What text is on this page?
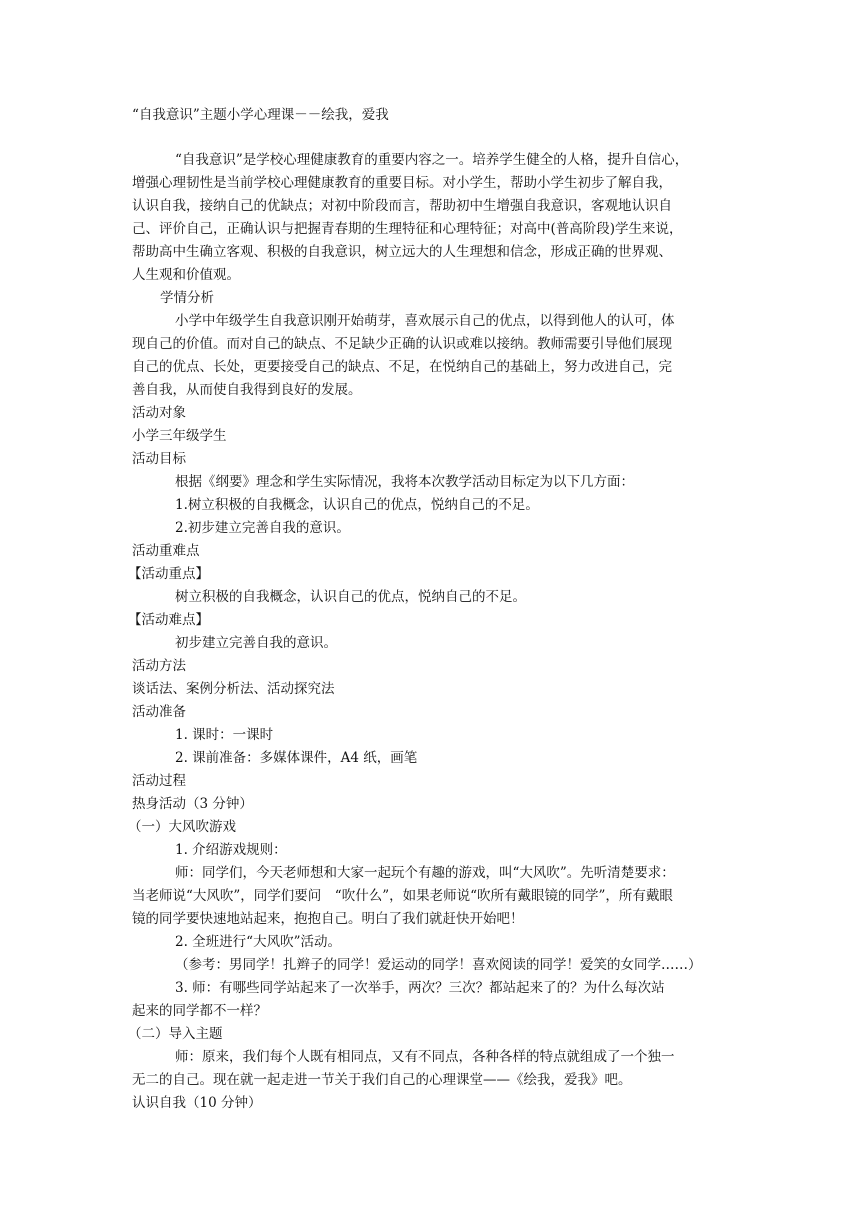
“自我意识”主题小学心理课－－绘我，爱我
“自我意识”是学校心理健康教育的重要内容之一。培养学生健全的人格，提升自信心，
增强心理韧性是当前学校心理健康教育的重要目标。对小学生，帮助小学生初步了解自我，
认识自我，接纳自己的优缺点；对初中阶段而言，帮助初中生增强自我意识，客观地认识自
己、评价自己，正确认识与把握青春期的生理特征和心理特征；对高中(普高阶段)学生来说，
帮助高中生确立客观、积极的自我意识，树立远大的人生理想和信念，形成正确的世界观、
人生观和价值观。
学情分析
小学中年级学生自我意识刚开始萌芽，喜欢展示自己的优点，以得到他人的认可，体
现自己的价值。而对自己的缺点、不足缺少正确的认识或难以接纳。教师需要引导他们展现
自己的优点、长处，更要接受自己的缺点、不足，在悦纳自己的基础上，努力改进自己，完
善自我，从而使自我得到良好的发展。
活动对象
小学三年级学生
活动目标
根据《纲要》理念和学生实际情况，我将本次教学活动目标定为以下几方面：
1.树立积极的自我概念，认识自己的优点，悦纳自己的不足。
2.初步建立完善自我的意识。
活动重难点
【活动重点】
树立积极的自我概念，认识自己的优点，悦纳自己的不足。
【活动难点】
初步建立完善自我的意识。
活动方法
谈话法、案例分析法、活动探究法
活动准备
1. 课时：一课时
2. 课前准备：多媒体课件，A4 纸，画笔
活动过程
热身活动（3 分钟）
（一）大风吹游戏
1. 介绍游戏规则：
师：同学们，今天老师想和大家一起玩个有趣的游戏，叫“大风吹”。先听清楚要求：
当老师说“大风吹”，同学们要问　“吹什么”，如果老师说“吹所有戴眼镜的同学”，所有戴眼
镜的同学要快速地站起来，抱抱自己。明白了我们就赶快开始吧！
2. 全班进行“大风吹”活动。
（参考：男同学！扎辫子的同学！爱运动的同学！喜欢阅读的同学！爱笑的女同学……）
3. 师：有哪些同学站起来了一次举手，两次？三次？都站起来了的？为什么每次站
起来的同学都不一样？
（二）导入主题
师：原来，我们每个人既有相同点，又有不同点，各种各样的特点就组成了一个独一
无二的自己。现在就一起走进一节关于我们自己的心理课堂——《绘我，爱我》吧。
认识自我（10 分钟）
